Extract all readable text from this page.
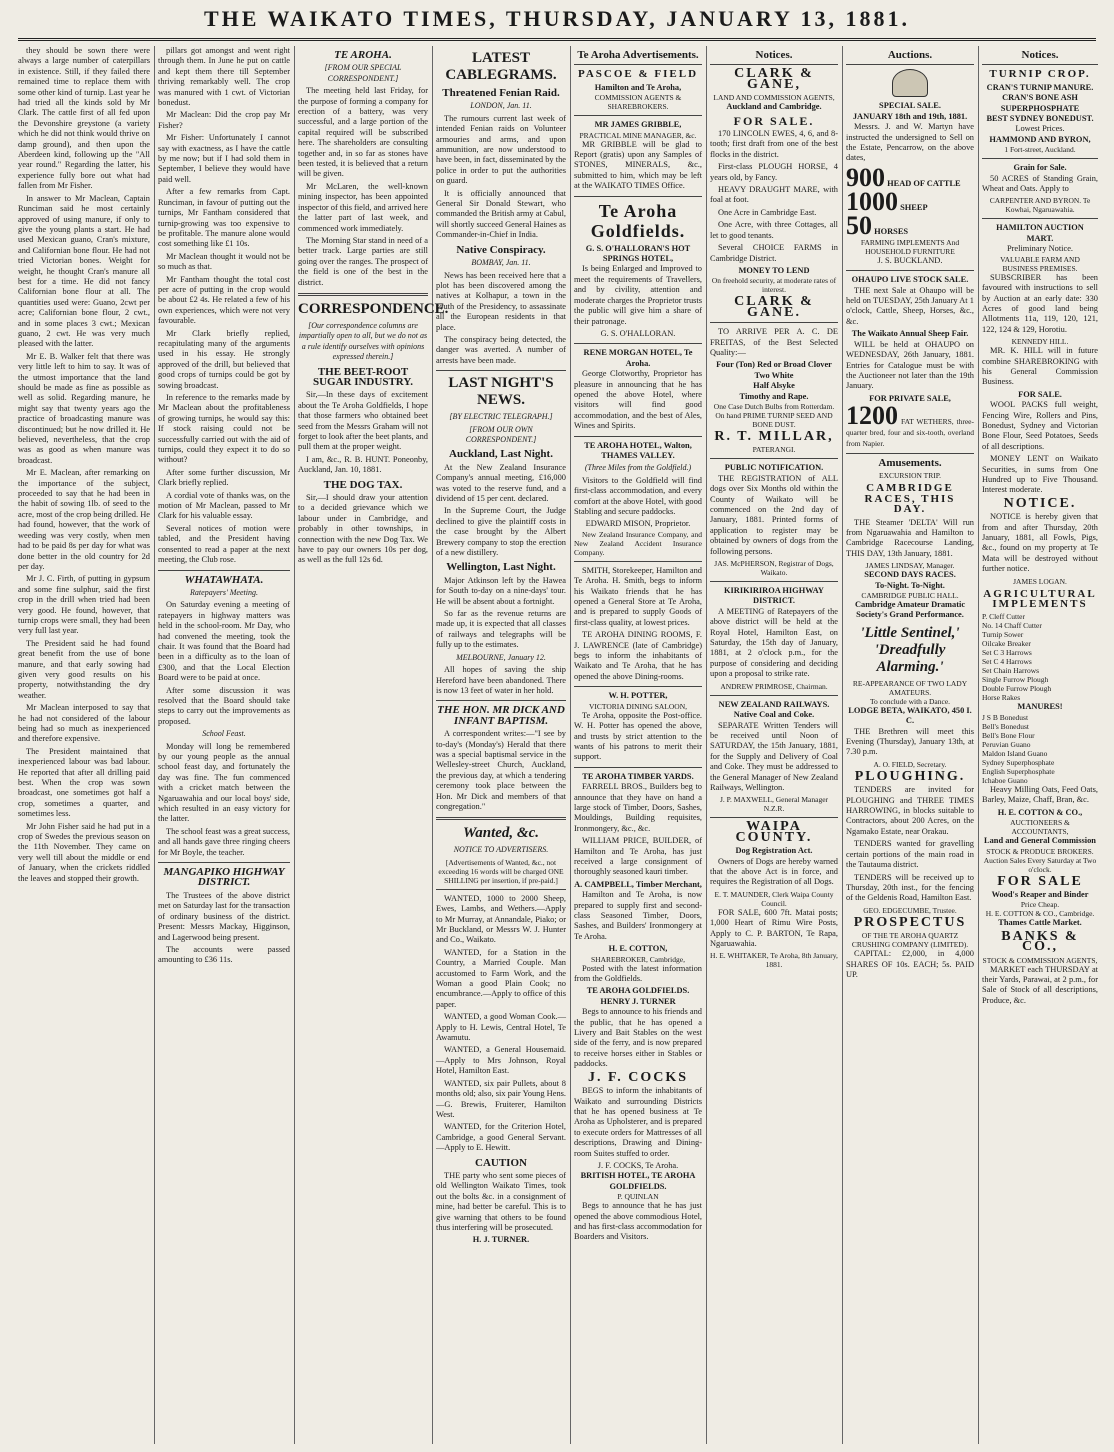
THE WAIKATO TIMES, THURSDAY, JANUARY 13, 1881.

they should be sown there were always a large number of caterpillars in existence. Still, if they failed there remained time to replace them with some other kind of turnip. Last year he had tried all the kinds sold by Mr Clark. The cattle first of all fed upon the Devonshire greystone (a variety which he did not think would thrive on damp ground), and then upon the Aberdeen kind, following up the "All year round." Regarding the latter, his experience fully bore out what had fallen from Mr Fisher.

In answer to Mr Maclean, Captain Runciman said he most certainly approved of using manure, if only to give the young plants a start. He had used Mexican guano, Cran's mixture, and Californian bone flour. He had not tried Victorian bones. Weight for weight, he thought Cran's manure all best for a time. He did not fancy Californian bone flour at all. The quantities used were: Guano, 2cwt per acre; Californian bone flour, 2 cwt., and in some places 3 cwt.; Mexican guano, 2 cwt. He was very much pleased with the latter.

Mr E. B. Walker felt that there was very little left to him to say. It was of the utmost importance that the land should be made as fine as possible as well as solid. Regarding manure, he might say that twenty years ago the practice of broadcasting manure was discontinued; but he now drilled it. He believed, nevertheless, that the crop was as good as when manure was broadcast.

Mr E. Maclean, after remarking on the importance of the subject, proceeded to say that he had been in the habit of sowing 1lb. of seed to the acre, most of the crop being drilled. He had found, however, that the work of weeding was very costly, when men had to be paid 8s per day for what was done better in the old country for 2d per day.

Mr J. C. Firth, of putting in gypsum and some fine sulphur, said the first crop in the drill when tried had been very good. He found, however, that turnip crops were small, they had been very full last year.

The President said he had found great benefit from the use of bone manure, and that early sowing had given very good results on his property, notwithstanding the dry weather.

Mr Maclean interposed to say that he had not considered of the labour being had so much as inexperienced and therefore expensive.

The President maintained that inexperienced labour was bad labour. He reported that after all drilling paid best. When the crop was sown broadcast, one sometimes got half a crop, sometimes a quarter, and sometimes less.

Mr John Fisher said he had put in a crop of Swedes the previous season on the 11th November. They came on very well till about the middle or end of January, when the crickets riddled the leaves and stopped their growth.

pillars got amongst and went right through them. In June he put on cattle and kept them there till September thriving remarkably well. The crop was manured with 1 cwt. of Victorian bonedust.

Mr Maclean: Did the crop pay Mr Fisher?

Mr Fisher: Unfortunately I cannot say with exactness, as I have the cattle by me now; but if I had sold them in September, I believe they would have paid well.

After a few remarks from Capt. Runciman, in favour of putting out the turnips, Mr Fantham considered that turnip-growing was too expensive to be profitable. The manure alone would cost something like £1 10s.

Mr Maclean thought it would not be so much as that.

Mr Fantham thought the total cost per acre of putting in the crop would be about £2 4s. He related a few of his own experiences, which were not very favourable.

Mr Clark briefly replied, recapitulating many of the arguments used in his essay. He strongly approved of the drill, but believed that good crops of turnips could be got by sowing broadcast.

In reference to the remarks made by Mr Maclean about the profitableness of growing turnips, he would say this: If stock raising could not be successfully carried out with the aid of turnips, could they expect it to do so without?

After some further discussion, Mr Clark briefly replied.

A cordial vote of thanks was, on the motion of Mr Maclean, passed to Mr Clark for his valuable essay.

Several notices of motion were tabled, and the President having consented to read a paper at the next meeting, the Club rose.

WHATAWHATA.
Ratepayers' Meeting.

On Saturday evening a meeting of ratepayers in highway matters was held in the school-room. Mr Day, who had convened the meeting, took the chair. It was found that the Board had been in a difficulty as to the loan of £300, and that the Local Election Board were to be paid at once.

After some discussion it was resolved that the Board should take steps to carry out the improvements as proposed.

School Feast.

Monday will long be remembered by our young people as the annual school feast day, and fortunately the day was fine. The fun commenced with a cricket match between the Ngaruawahia and our local boys' side, which resulted in an easy victory for the latter.

The school feast was a great success, and all hands gave three ringing cheers for Mr Boyle, the teacher.

MANGAPIKO HIGHWAY DISTRICT.

The Trustees of the above district met on Saturday last for the transaction of ordinary business of the district. Present: Messrs Mackay, Higginson, and Lagerwood being present.

The accounts were passed amounting to £36 11s.

TE AROHA.
[FROM OUR SPECIAL CORRESPONDENT.]

The meeting held last Friday, for the purpose of forming a company for erection of a battery, was very successful, and a large portion of the capital required will be subscribed here. The shareholders are consulting together and, in so far as stones have been tested, it is believed that a return will be given.

Mr McLaren, the well-known mining inspector, has been appointed inspector of this field, and arrived here the latter part of last week, and commenced work immediately.

The Morning Star stand in need of a better track. Large parties are still going over the ranges. The prospect of the field is one of the best in the district.

CORRESPONDENCE.
[Our correspondence columns are impartially open to all, but we do not as a rule identify ourselves with opinions expressed therein.]
THE BEET-ROOT SUGAR INDUSTRY.

Sir,—In these days of excitement about the Te Aroha Goldfields, I hope that those farmers who obtained beet seed from the Messrs Graham will not forget to look after the beet plants, and pull them at the proper weight.

I am, &c., R. B. HUNT. Poneonby, Auckland, Jan. 10, 1881.

THE DOG TAX.

Sir,—I should draw your attention to a decided grievance which we labour under in Cambridge, and probably in other townships, in connection with the new Dog Tax. We have to pay our owners 10s per dog, as well as the full 12s 6d.

LATEST CABLEGRAMS.
Threatened Fenian Raid.
LONDON, Jan. 11.

The rumours current last week of intended Fenian raids on Volunteer armouries and arms, and upon ammunition, are now understood to have been, in fact, disseminated by the police in order to put the authorities on guard.

It is officially announced that General Sir Donald Stewart, who commanded the British army at Cabul, will shortly succeed General Haines as Commander-in-Chief in India.

Native Conspiracy.
BOMBAY, Jan. 11.

News has been received here that a plot has been discovered among the natives at Kolhapur, a town in the south of the Presidency, to assassinate all the European residents in that place.

The conspiracy being detected, the danger was averted. A number of arrests have been made.

LAST NIGHT'S NEWS.
[BY ELECTRIC TELEGRAPH.]
[FROM OUR OWN CORRESPONDENT.]
Auckland, Last Night.

At the New Zealand Insurance Company's annual meeting, £16,000 was voted to the reserve fund, and a dividend of 15 per cent. declared.

In the Supreme Court, the Judge declined to give the plaintiff costs in the case brought by the Albert Brewery company to stop the erection of a new distillery.

Wellington, Last Night.

Major Atkinson left by the Hawea for South to-day on a nine-days' tour. He will be absent about a fortnight.

So far as the revenue returns are made up, it is expected that all classes of railways and telegraphs will be fully up to the estimates.

MELBOURNE, January 12.

All hopes of saving the ship Hereford have been abandoned. There is now 13 feet of water in her hold.

THE HON. MR DICK AND INFANT BAPTISM.

A correspondent writes:—"I see by to-day's (Monday's) Herald that there was a special baptismal service in the Wellesley-street Church, Auckland, the previous day, at which a tendering ceremony took place between the Hon. Mr Dick and members of that congregation."

Wanted, &c.
NOTICE TO ADVERTISERS.
[Advertisements of Wanted, &c., not exceeding 16 words will be charged ONE SHILLING per insertion, if pre-paid.]

WANTED, 1000 to 2000 Sheep, Ewes, Lambs, and Wethers.—Apply to Mr Murray, at Annandale, Piako; or Mr Buckland, or Messrs W. J. Hunter and Co., Waikato.

WANTED, for a Station in the Country, a Married Couple. Man accustomed to Farm Work, and the Woman a good Plain Cook; no encumbrance.—Apply to office of this paper.

WANTED, a good Woman Cook.—Apply to H. Lewis, Central Hotel, Te Awamutu.

WANTED, a General Housemaid.—Apply to Mrs Johnson, Royal Hotel, Hamilton East.

WANTED, six pair Pullets, about 8 months old; also, six pair Young Hens.—G. Brewis, Fruiterer, Hamilton West.

WANTED, for the Criterion Hotel, Cambridge, a good General Servant.—Apply to E. Hewitt.

CAUTION

THE party who sent some pieces of old Wellington Waikato Times, took out the bolts &c. in a consignment of mine, had better be careful. This is to give warning that others to be found thus interfering will be prosecuted.

H. J. TURNER.
Te Aroha Advertisements.
PASCOE & FIELD
Hamilton and Te Aroha,
COMMISSION AGENTS & SHAREBROKERS.
MR JAMES GRIBBLE,
PRACTICAL MINE MANAGER, &c.

MR GRIBBLE will be glad to Report (gratis) upon any Samples of STONES, MINERALS, &c., submitted to him, which may be left at the WAIKATO TIMES Office.

Te Aroha Goldfields.
G. S. O'HALLORAN'S HOT SPRINGS HOTEL,

Is being Enlarged and Improved to meet the requirements of Travellers, and by civility, attention and moderate charges the Proprietor trusts the public will give him a share of their patronage.

G. S. O'HALLORAN.
RENE MORGAN HOTEL, Te Aroha.

George Clotworthy, Proprietor has pleasure in announcing that he has opened the above Hotel, where visitors will find good accommodation, and the best of Ales, Wines and Spirits.

TE AROHA HOTEL, Walton, THAMES VALLEY.
(Three Miles from the Goldfield.)

Visitors to the Goldfield will find first-class accommodation, and every comfort at the above Hotel, with good Stabling and secure paddocks.

EDWARD MISON, Proprietor.

New Zealand Insurance Company, and New Zealand Accident Insurance Company.

SMITH, Storekeeper, Hamilton and Te Aroha. H. Smith, begs to inform his Waikato friends that he has opened a General Store at Te Aroha, and is prepared to supply Goods of first-class quality, at lowest prices.

TE AROHA DINING ROOMS, F. J. LAWRENCE (late of Cambridge) begs to inform the inhabitants of Waikato and Te Aroha, that he has opened the above Dining-rooms.

W. H. POTTER,
VICTORIA DINING SALOON,

Te Aroha, opposite the Post-office. W. H. Potter has opened the above, and trusts by strict attention to the wants of his patrons to merit their support.

TE AROHA TIMBER YARDS.

FARRELL BROS., Builders beg to announce that they have on hand a large stock of Timber, Doors, Sashes, Mouldings, Building requisites, Ironmongery, &c., &c.

WILLIAM PRICE, BUILDER, of Hamilton and Te Aroha, has just received a large consignment of thoroughly seasoned kauri timber.

A. CAMPBELL, Timber Merchant,

Hamilton and Te Aroha, is now prepared to supply first and second-class Seasoned Timber, Doors, Sashes, and Builders' Ironmongery at Te Aroha.

H. E. COTTON,
SHAREBROKER, Cambridge,

Posted with the latest information from the Goldfields.

TE AROHA GOLDFIELDS. HENRY J. TURNER

Begs to announce to his friends and the public, that he has opened a Livery and Bait Stables on the west side of the ferry, and is now prepared to receive horses either in Stables or paddocks.

J. F. COCKS

BEGS to inform the inhabitants of Waikato and surrounding Districts that he has opened business at Te Aroha as Upholsterer, and is prepared to execute orders for Mattresses of all descriptions, Drawing and Dining-room Suites stuffed to order.

J. F. COCKS, Te Aroha.
BRITISH HOTEL, TE AROHA GOLDFIELDS.
P. QUINLAN

Begs to announce that he has just opened the above commodious Hotel, and has first-class accommodation for Boarders and Visitors.

Notices.
CLARK & GANE,
LAND AND COMMISSION AGENTS,
Auckland and Cambridge.
FOR SALE.

170 LINCOLN EWES, 4, 6, and 8-tooth; first draft from one of the best flocks in the district.

First-class PLOUGH HORSE, 4 years old, by Fancy.

HEAVY DRAUGHT MARE, with foal at foot.

One Acre in Cambridge East.

One Acre, with three Cottages, all let to good tenants.

Several CHOICE FARMS in Cambridge District.

MONEY TO LEND
On freehold security, at moderate rates of interest.
CLARK & GANE.

TO ARRIVE PER A. C. DE FREITAS, of the Best Selected Quality:—

Four (Ton) Red or Broad Clover
Two White
Half Alsyke
Timothy and Rape.
One Case Dutch Bulbs from Rotterdam.
On hand PRIME TURNIP SEED AND BONE DUST.
R. T. MILLAR,
PATERANGI.
PUBLIC NOTIFICATION.

THE REGISTRATION of ALL dogs over Six Months old within the County of Waikato will be commenced on the 2nd day of January, 1881. Printed forms of application to register may be obtained by owners of dogs from the following persons.

JAS. McPHERSON, Registrar of Dogs, Waikato.
KIRIKIRIROA HIGHWAY DISTRICT.

A MEETING of Ratepayers of the above district will be held at the Royal Hotel, Hamilton East, on Saturday, the 15th day of January, 1881, at 2 o'clock p.m., for the purpose of considering and deciding upon a proposal to strike rate.

ANDREW PRIMROSE, Chairman.
NEW ZEALAND RAILWAYS.
Native Coal and Coke.

SEPARATE Written Tenders will be received until Noon of SATURDAY, the 15th January, 1881, for the Supply and Delivery of Coal and Coke. They must be addressed to the General Manager of New Zealand Railways, Wellington.

J. P. MAXWELL, General Manager N.Z.R.
WAIPA COUNTY.
Dog Registration Act.

Owners of Dogs are hereby warned that the above Act is in force, and requires the Registration of all Dogs.

E. T. MAUNDER, Clerk Waipa County Council.

FOR SALE, 600 7ft. Matai posts; 1,000 Heart of Rimu Wire Posts, Apply to C. P. BARTON, Te Rapa, Ngaruawahia.

H. E. WHITAKER, Te Aroha, 8th January, 1881.
Auctions.
SPECIAL SALE.
JANUARY 18th and 19th, 1881.

Messrs. J. and W. Martyn have instructed the undersigned to Sell on the Estate, Pencarrow, on the above dates,

900 HEAD OF CATTLE
1000 SHEEP
50 HORSES
FARMING IMPLEMENTS And HOUSEHOLD FURNITURE
J. S. BUCKLAND.
OHAUPO LIVE STOCK SALE.

THE next Sale at Ohaupo will be held on TUESDAY, 25th January At 1 o'clock, Cattle, Sheep, Horses, &c., &c.

The Waikato Annual Sheep Fair.

WILL be held at OHAUPO on WEDNESDAY, 26th January, 1881. Entries for Catalogue must be with the Auctioneer not later than the 19th January.

FOR PRIVATE SALE,
1200 FAT WETHERS, three-quarter bred, four and six-tooth, overland from Napier.
Amusements.
EXCURSION TRIP.
CAMBRIDGE RACES, THIS DAY.

THE Steamer 'DELTA' Will run from Ngaruawahia and Hamilton to Cambridge Racecourse Landing, THIS DAY, 13th January, 1881.

JAMES LINDSAY, Manager.
SECOND DAYS RACES.
To-Night. To-Night.
CAMBRIDGE PUBLIC HALL.
Cambridge Amateur Dramatic Society's Grand Performance.
'Little Sentinel,' 'Dreadfully Alarming.'
RE-APPEARANCE OF TWO LADY AMATEURS.
To conclude with a Dance.
LODGE BETA, WAIKATO, 450 I. C.

THE Brethren will meet this Evening (Thursday), January 13th, at 7.30 p.m.

A. O. FIELD, Secretary.
PLOUGHING.

TENDERS are invited for PLOUGHING and THREE TIMES HARROWING, in blocks suitable to Contractors, about 200 Acres, on the Ngamako Estate, near Orakau.

TENDERS wanted for gravelling certain portions of the main road in the Tautauma district.

TENDERS will be received up to Thursday, 20th inst., for the fencing of the Geldenis Road, Hamilton East.

GEO. EDGECUMBE, Trustee.
PROSPECTUS
OF THE TE AROHA QUARTZ CRUSHING COMPANY (LIMITED).

CAPITAL: £2,000, in 4,000 SHARES OF 10s. EACH; 5s. PAID UP.

Notices.
TURNIP CROP.
CRAN'S TURNIP MANURE.
CRAN'S BONE ASH SUPERPHOSPHATE
BEST SYDNEY BONEDUST.
Lowest Prices.
HAMMOND AND BYRON,
1 Fort-street, Auckland.
Grain for Sale.

50 ACRES of Standing Grain, Wheat and Oats. Apply to

CARPENTER AND BYRON. Te Kowhai, Ngaruawahia.
HAMILTON AUCTION MART.
Preliminary Notice.
VALUABLE FARM AND BUSINESS PREMISES.

SUBSCRIBER has been favoured with instructions to sell by Auction at an early date: 330 Acres of good land being Allotments 11a, 119, 120, 121, 122, 124 & 129, Horotiu.

KENNEDY HILL.

MR. K. HILL will in future combine SHAREBROKING with his General Commission Business.

FOR SALE.

WOOL PACKS full weight, Fencing Wire, Rollers and Pins, Bonedust, Sydney and Victorian Bone Flour, Seed Potatoes, Seeds of all descriptions.

MONEY LENT on Waikato Securities, in sums from One Hundred up to Five Thousand. Interest moderate.

NOTICE.

NOTICE is hereby given that from and after Thursday, 20th January, 1881, all Fowls, Pigs, &c., found on my property at Te Mata will be destroyed without further notice.

JAMES LOGAN.
AGRICULTURAL IMPLEMENTS
P. Cleff Cutter
No. 14 Chaff Cutter
Turnip Sower
Oilcake Breaker
Set C 3 Harrows
Set C 4 Harrows
Set Chain Harrows
Single Furrow Plough
Double Furrow Plough
Horse Rakes
MANURES!
J S B Bonedust
Bell's Bonedust
Bell's Bone Flour
Peruvian Guano
Maldon Island Guano
Sydney Superphosphate
English Superphosphate
Ichaboe Guano

Heavy Milling Oats, Feed Oats, Barley, Maize, Chaff, Bran, &c.

H. E. COTTON & CO.,
AUCTIONEERS & ACCOUNTANTS,
Land and General Commission
STOCK & PRODUCE BROKERS.
Auction Sales Every Saturday at Two o'clock.
FOR SALE
Wood's Reaper and Binder
Price Cheap.
H. E. COTTON & CO., Cambridge.
Thames Cattle Market.
BANKS & CO.,
STOCK & COMMISSION AGENTS,

MARKET each THURSDAY at their Yards, Parawai, at 2 p.m., for Sale of Stock of all descriptions, Produce, &c.
